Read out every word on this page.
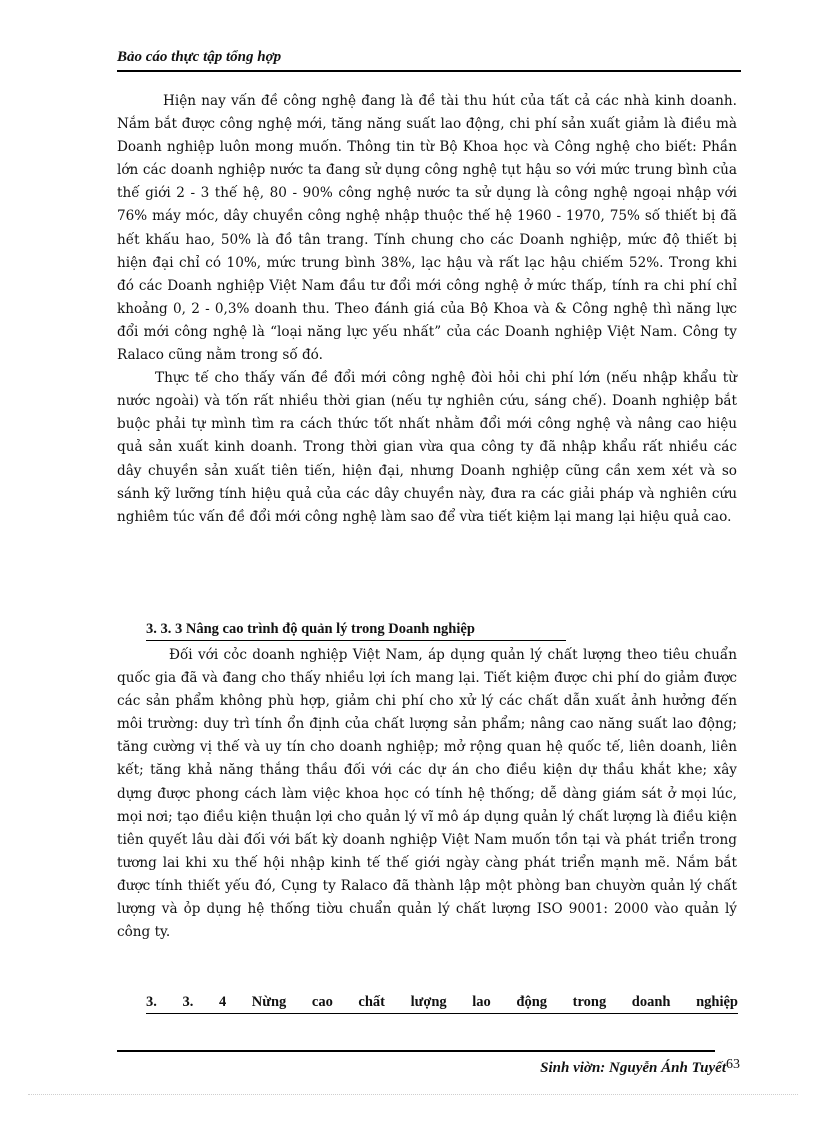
Bảo cáo thực tập tổng hợp

Hiện nay vấn đề công nghệ đang là đề tài thu hút của tất cả các nhà kinh doanh. Nắm bắt được công nghệ mới, tăng năng suất lao động, chi phí sản xuất giảm là điều mà Doanh nghiệp luôn mong muốn. Thông tin từ Bộ Khoa học và Công nghệ cho biết: Phần lớn các doanh nghiệp nước ta đang sử dụng công nghệ tụt hậu so với mức trung bình của thế giới 2 - 3 thế hệ, 80 - 90% công nghệ nước ta sử dụng là công nghệ ngoại nhập với 76% máy móc, dây chuyền công nghệ nhập thuộc thế hệ 1960 - 1970, 75% số thiết bị đã hết khấu hao, 50% là đồ tân trang. Tính chung cho các Doanh nghiệp, mức độ thiết bị hiện đại chỉ có 10%, mức trung bình 38%, lạc hậu và rất lạc hậu chiếm 52%. Trong khi đó các Doanh nghiệp Việt Nam đầu tư đổi mới công nghệ ở mức thấp, tính ra chi phí chỉ khoảng 0, 2 - 0,3% doanh thu. Theo đánh giá của Bộ Khoa và & Công nghệ thì năng lực đổi mới công nghệ là “loại năng lực yếu nhất” của các Doanh nghiệp Việt Nam. Công ty Ralaco cũng nằm trong số đó.

Thực tế cho thấy vấn đề đổi mới công nghệ đòi hỏi chi phí lớn (nếu nhập khẩu từ nước ngoài) và tốn rất nhiều thời gian (nếu tự nghiên cứu, sáng chế). Doanh nghiệp bắt buộc phải tự mình tìm ra cách thức tốt nhất nhằm đổi mới công nghệ và nâng cao hiệu quả sản xuất kinh doanh. Trong thời gian vừa qua công ty đã nhập khẩu rất nhiều các dây chuyền sản xuất tiên tiến, hiện đại, nhưng Doanh nghiệp cũng cần xem xét và so sánh kỹ lưỡng tính hiệu quả của các dây chuyền này, đưa ra các giải pháp và nghiên cứu nghiêm túc vấn đề đổi mới công nghệ làm sao để vừa tiết kiệm lại mang lại hiệu quả cao.

3. 3. 3 Nâng cao trình độ quản lý trong Doanh nghiệp

Đối với cỏc doanh nghiệp Việt Nam, áp dụng quản lý chất lượng theo tiêu chuẩn quốc gia đã và đang cho thấy nhiều lợi ích mang lại. Tiết kiệm được chi phí do giảm được các sản phẩm không phù hợp, giảm chi phí cho xử lý các chất dẫn xuất ảnh hưởng đến môi trường: duy trì tính ổn định của chất lượng sản phẩm; nâng cao năng suất lao động; tăng cường vị thế và uy tín cho doanh nghiệp; mở rộng quan hệ quốc tế, liên doanh, liên kết; tăng khả năng thắng thầu đối với các dự án cho điều kiện dự thầu khắt khe; xây dựng được phong cách làm việc khoa học có tính hệ thống; dễ dàng giám sát ở mọi lúc, mọi nơi; tạo điều kiện thuận lợi cho quản lý vĩ mô áp dụng quản lý chất lượng là điều kiện tiên quyết lâu dài đối với bất kỳ doanh nghiệp Việt Nam muốn tồn tại và phát triển trong tương lai khi xu thế hội nhập kinh tế thế giới ngày càng phát triển mạnh mẽ. Nắm bắt được tính thiết yếu đó, Cụng ty Ralaco đã thành lập một phòng ban chuyờn quản lý chất lượng và ỏp dụng hệ thống tiờu chuẩn quản lý chất lượng ISO 9001: 2000 vào quản lý công ty.

3. 3. 4 Nừng cao chất lượng lao động trong doanh nghiệp
Sinh viờn: Nguyễn Ánh Tuyết63
